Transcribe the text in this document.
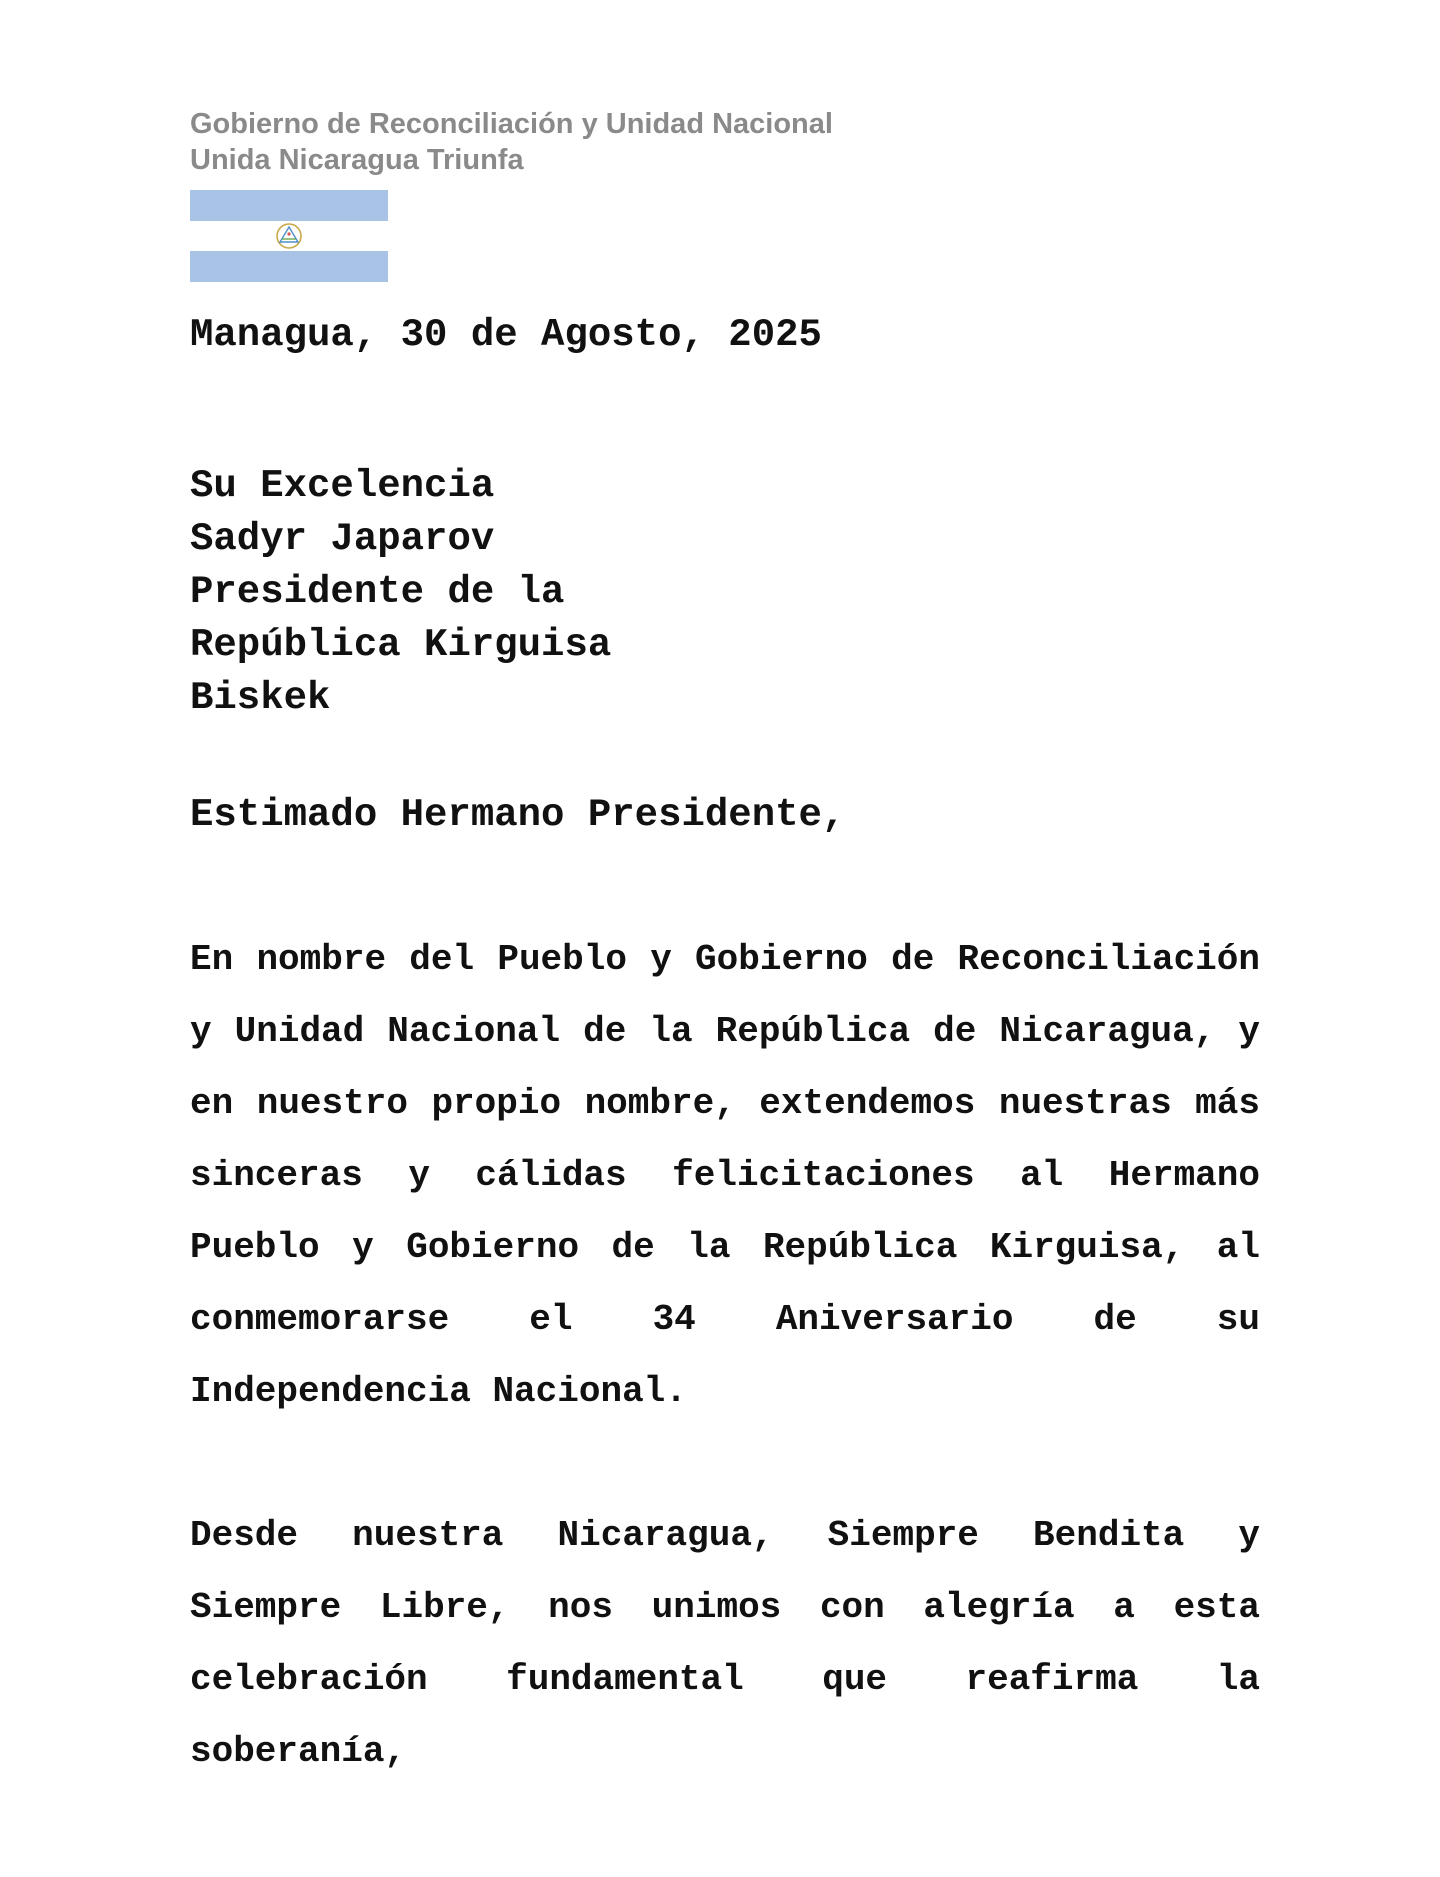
Gobierno de Reconciliación y Unidad Nacional
Unida Nicaragua Triunfa
Managua, 30 de Agosto, 2025
Su Excelencia
Sadyr Japarov
Presidente de la
República Kirguisa
Biskek
Estimado Hermano Presidente,

En nombre del Pueblo y Gobierno de Reconciliación y Unidad Nacional de la República de Nicaragua, y en nuestro propio nombre, extendemos nuestras más sinceras y cálidas felicitaciones al Hermano Pueblo y Gobierno de la República Kirguisa, al conmemorarse el 34 Aniversario de su Independencia Nacional.

Desde nuestra Nicaragua, Siempre Bendita y Siempre Libre, nos unimos con alegría a esta celebración fundamental que reafirma la soberanía,
